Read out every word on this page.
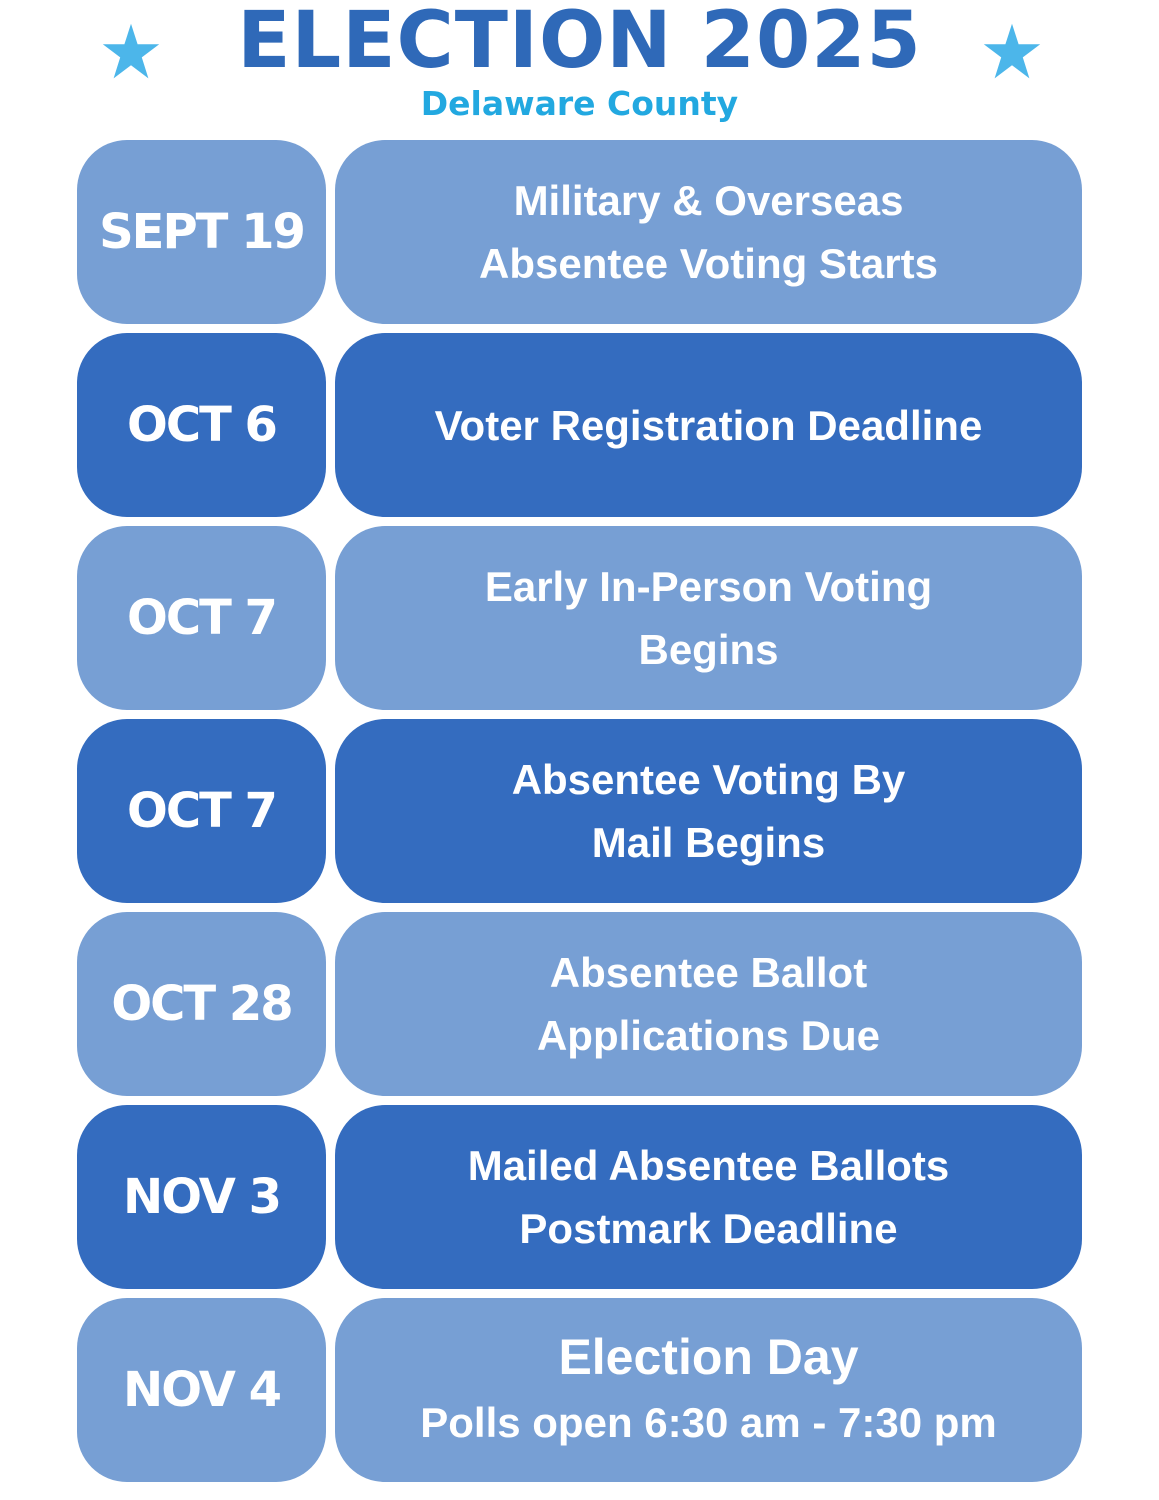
ELECTION 2025
Delaware County
SEPT 19
Military & Overseas
Absentee Voting Starts
OCT 6	Voter Registration Deadline
OCT 7
Early In-Person Voting
Begins
OCT 7
Absentee Voting By
Mail Begins
OCT 28
Absentee Ballot
Applications Due
NOV 3
Mailed Absentee Ballots
Postmark Deadline
NOV 4
Election Day
Polls open 6:30 am - 7:30 pm
